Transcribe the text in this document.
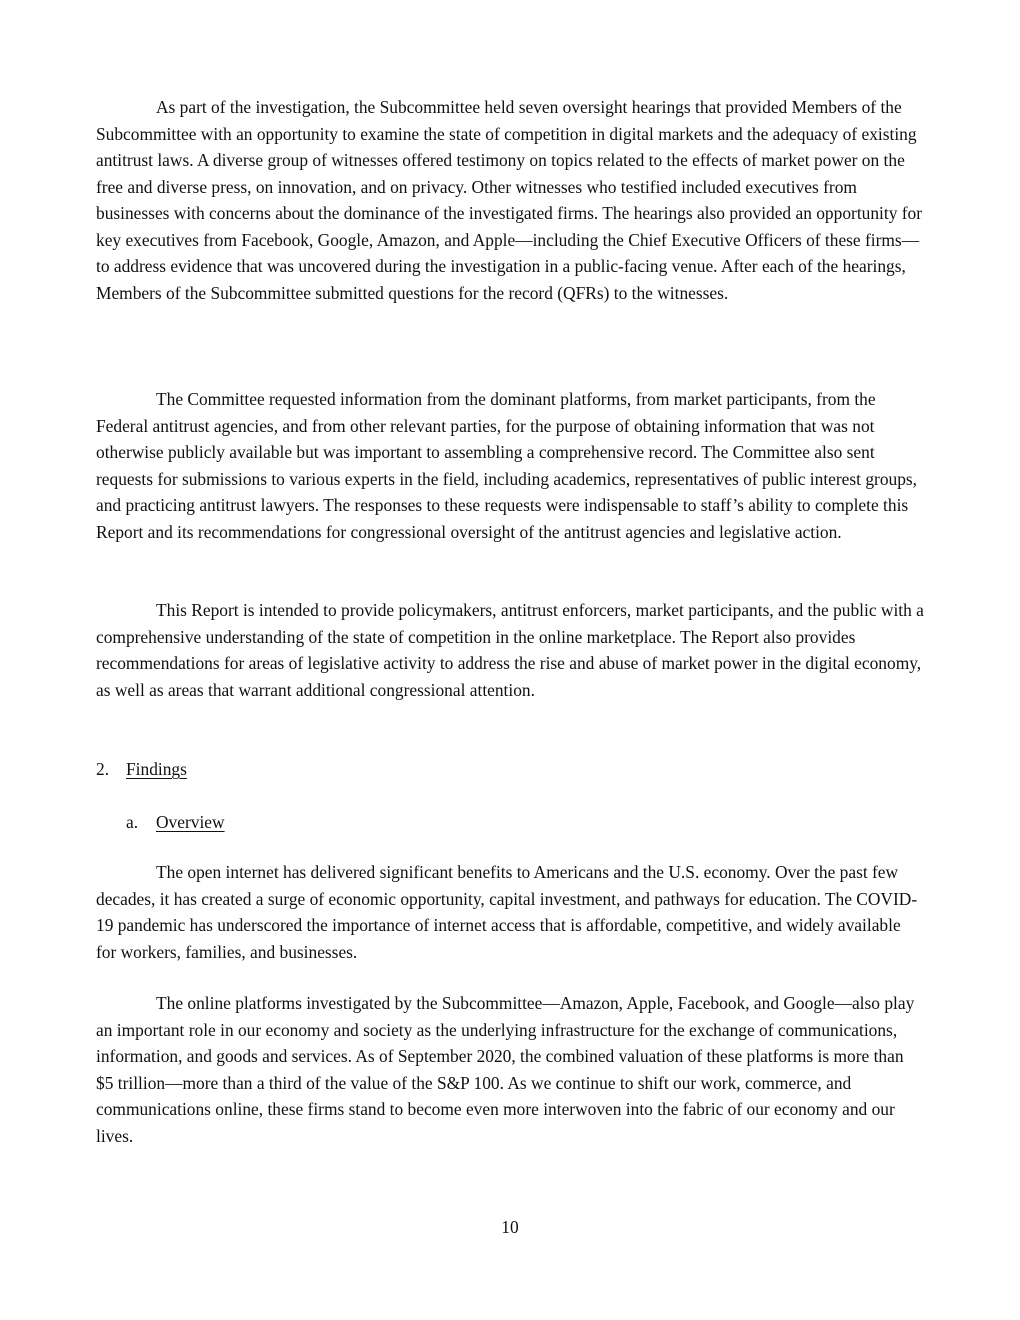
As part of the investigation, the Subcommittee held seven oversight hearings that provided Members of the Subcommittee with an opportunity to examine the state of competition in digital markets and the adequacy of existing antitrust laws. A diverse group of witnesses offered testimony on topics related to the effects of market power on the free and diverse press, on innovation, and on privacy. Other witnesses who testified included executives from businesses with concerns about the dominance of the investigated firms. The hearings also provided an opportunity for key executives from Facebook, Google, Amazon, and Apple—including the Chief Executive Officers of these firms—to address evidence that was uncovered during the investigation in a public-facing venue. After each of the hearings, Members of the Subcommittee submitted questions for the record (QFRs) to the witnesses.

The Committee requested information from the dominant platforms, from market participants, from the Federal antitrust agencies, and from other relevant parties, for the purpose of obtaining information that was not otherwise publicly available but was important to assembling a comprehensive record. The Committee also sent requests for submissions to various experts in the field, including academics, representatives of public interest groups, and practicing antitrust lawyers. The responses to these requests were indispensable to staff’s ability to complete this Report and its recommendations for congressional oversight of the antitrust agencies and legislative action.

This Report is intended to provide policymakers, antitrust enforcers, market participants, and the public with a comprehensive understanding of the state of competition in the online marketplace. The Report also provides recommendations for areas of legislative activity to address the rise and abuse of market power in the digital economy, as well as areas that warrant additional congressional attention.

2. Findings
a. Overview

The open internet has delivered significant benefits to Americans and the U.S. economy. Over the past few decades, it has created a surge of economic opportunity, capital investment, and pathways for education. The COVID-19 pandemic has underscored the importance of internet access that is affordable, competitive, and widely available for workers, families, and businesses.

The online platforms investigated by the Subcommittee—Amazon, Apple, Facebook, and Google—also play an important role in our economy and society as the underlying infrastructure for the exchange of communications, information, and goods and services. As of September 2020, the combined valuation of these platforms is more than $5 trillion—more than a third of the value of the S&P 100. As we continue to shift our work, commerce, and communications online, these firms stand to become even more interwoven into the fabric of our economy and our lives.

10
